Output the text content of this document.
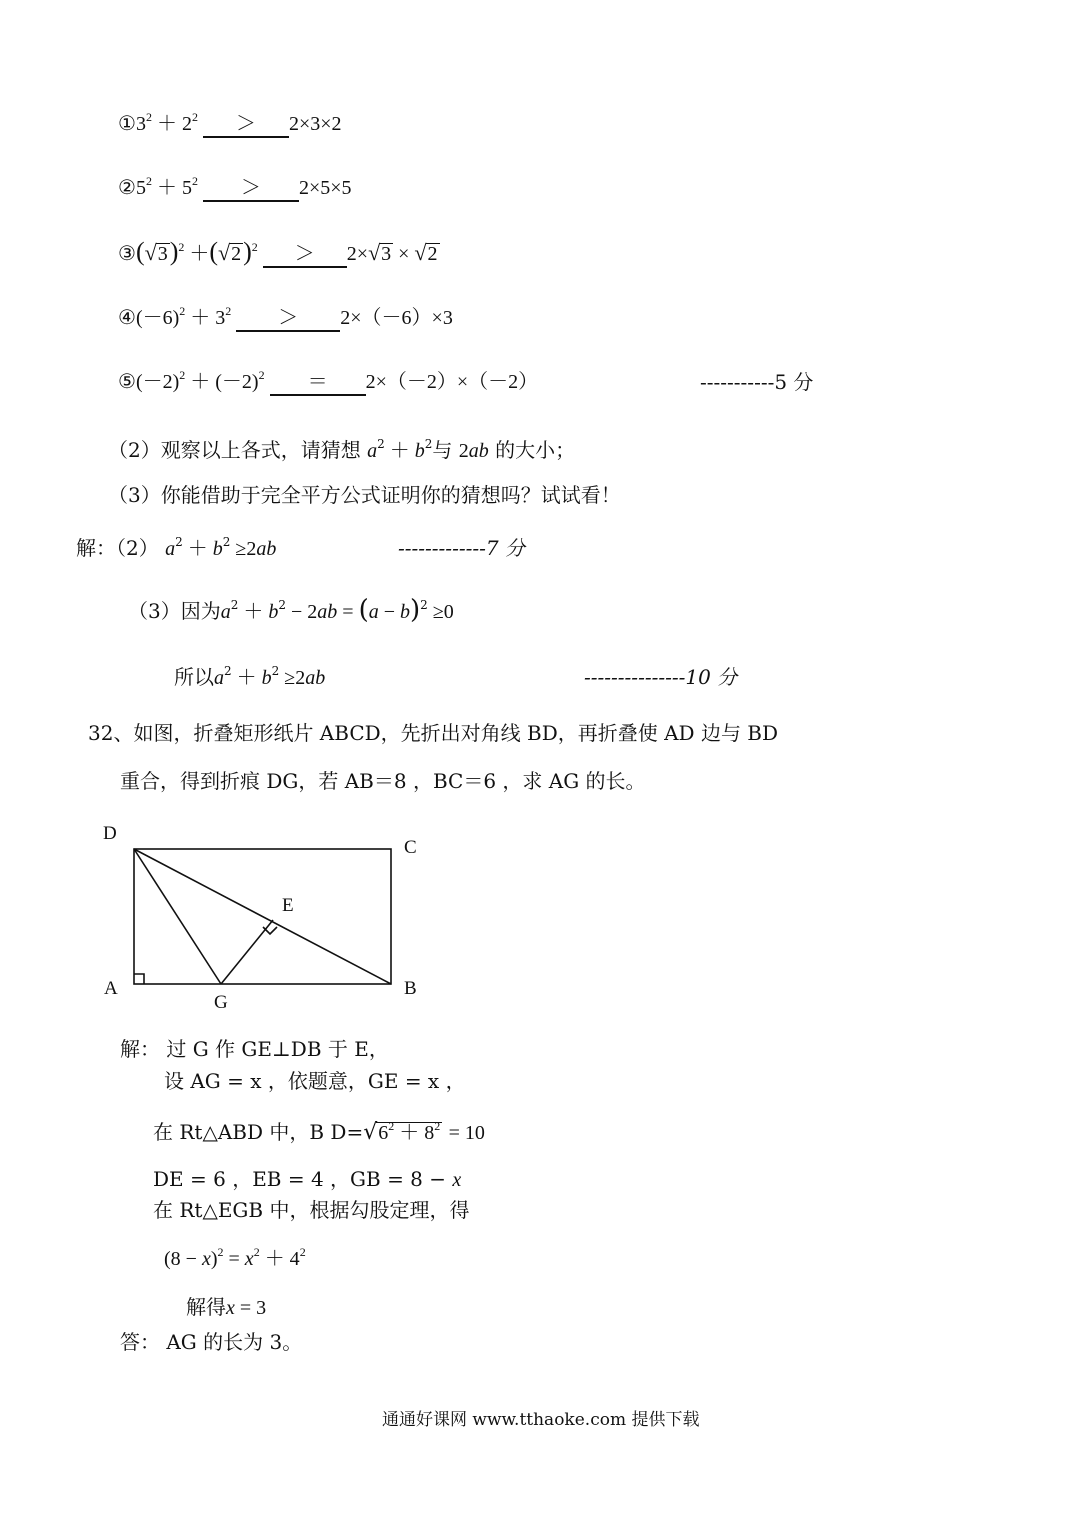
$①3^2 + 2^2 > 2\times 3\times 2$
$②5^2 + 5^2 > 2\times 5\times 5$
$③(√3)^2 +(√2)^2 > 2\times√3 \times √2$
$④(-6)^2 + 3^2 > 2\times(-6)\times 3$
$⑤(-2)^2 + (-2)^2 = 2\times(-2)\times(-2)$	-----------5 分
（2）观察以上各式，请猜想 $a^2 + b^2$与 2ab 的大小；
（3）你能借助于完全平方公式证明你的猜想吗？试试看！
解：（2） $a^2 + b^2 \ge 2ab$	-------------7 分
（3）因为$a^2 + b^2 - 2ab = (a - b)^2 \ge 0$
所以$a^2 + b^2 \ge 2ab$	---------------10 分
32、如图，折叠矩形纸片 ABCD，先折出对角线 BD，再折叠使 AD 边与 BD
重合，得到折痕 DG，若 AB＝8 ，BC＝6 ，求 AG 的长。
D
C
E
A
G
B
解： 过 G 作 GE⊥DB 于 E，
设 AG = x ，依题意，GE = x ，
在 Rt△ABD 中，B $D=√6^2 + 8^2 = 10$
DE = 6 ，EB = 4 ，GB = 8 − x
在 Rt△EGB 中，根据勾股定理，得
$(8 - x)^2 = x^2 + 4^2$
解得x = 3
答： AG 的长为 3。
通通好课网 www.tthaoke.com 提供下载
